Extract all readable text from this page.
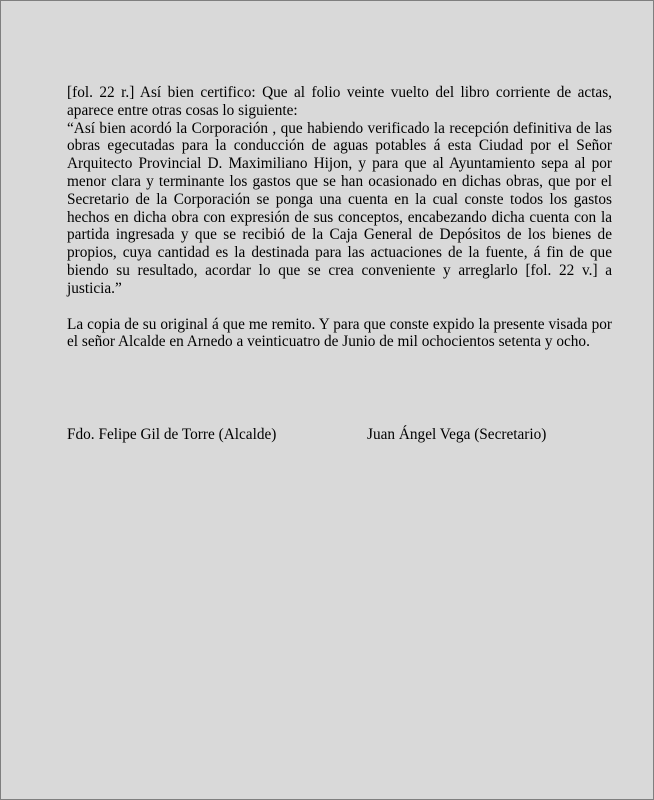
[fol. 22 r.] Así bien certifico: Que al folio veinte vuelto del libro corriente de actas, aparece entre otras cosas lo siguiente:

“Así bien acordó la Corporación , que habiendo verificado la recepción definitiva de las obras egecutadas para la conducción de aguas potables á esta Ciudad por el Señor Arquitecto Provincial D. Maximiliano Hijon, y para que al Ayuntamiento sepa al por menor clara y terminante los gastos que se han ocasionado en dichas obras, que por el Secretario de la Corporación se ponga una cuenta en la cual conste todos los gastos hechos en dicha obra con expresión de sus conceptos, encabezando dicha cuenta con la partida ingresada y que se recibió de la Caja General de Depósitos de los bienes de propios, cuya cantidad es la destinada para las actuaciones de la fuente, á fin de que biendo su resultado, acordar lo que se crea conveniente y arreglarlo [fol. 22 v.] a justicia.”

La copia de su original á que me remito. Y para que conste expido la presente visada por el señor Alcalde en Arnedo a veinticuatro de Junio de mil ochocientos setenta y ocho.

Fdo. Felipe Gil de Torre (Alcalde)	Juan Ángel Vega (Secretario)
